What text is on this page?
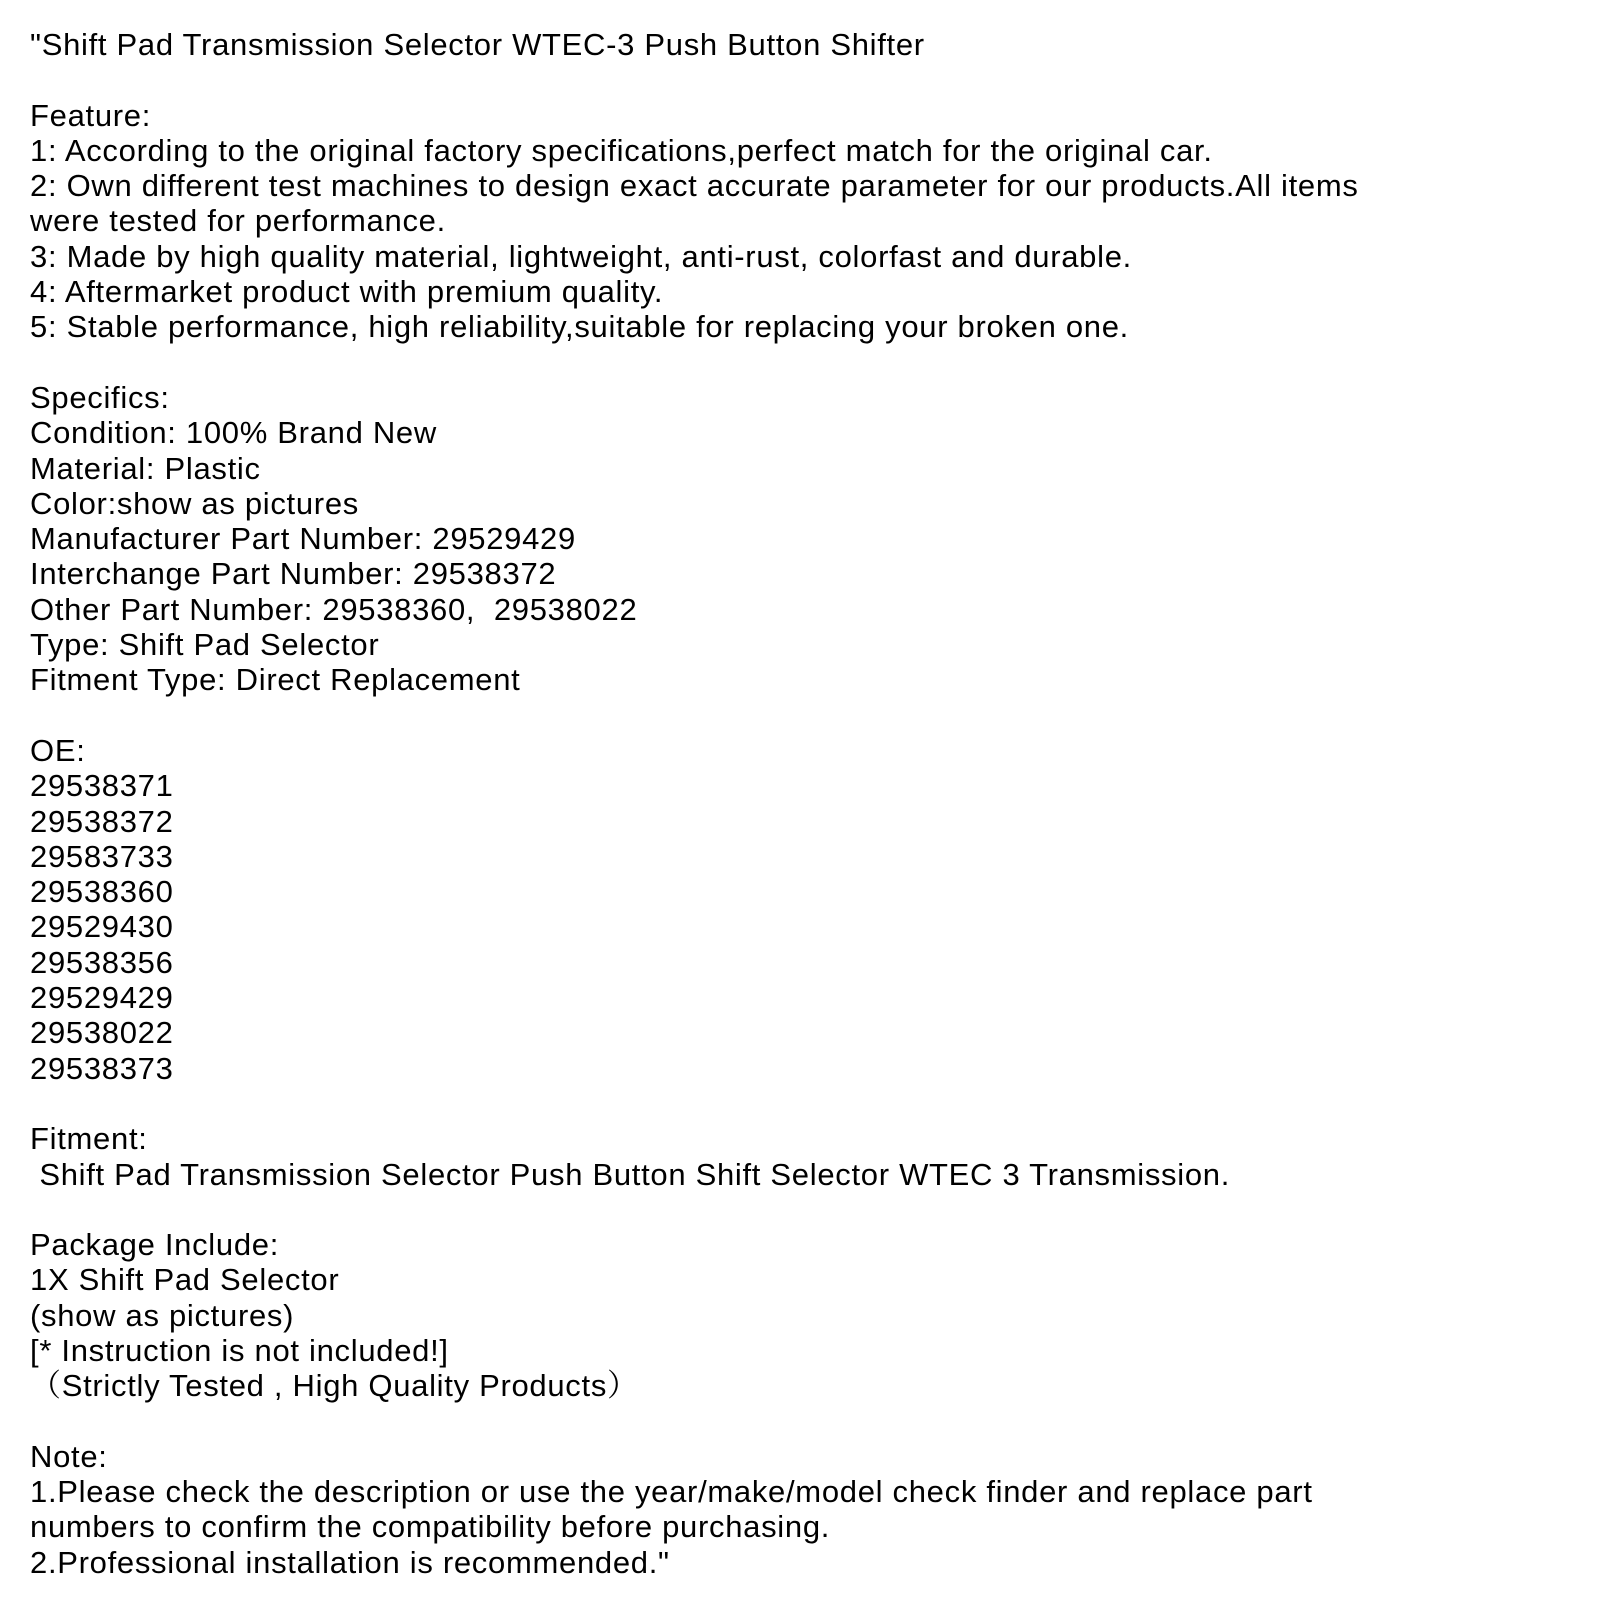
"Shift Pad Transmission Selector WTEC-3 Push Button Shifter
Feature:
1: According to the original factory specifications,perfect match for the original car.
2: Own different test machines to design exact accurate parameter for our products.All items
were tested for performance.
3: Made by high quality material, lightweight, anti-rust, colorfast and durable.
4: Aftermarket product with premium quality.
5: Stable performance, high reliability,suitable for replacing your broken one.
Specifics:
Condition: 100% Brand New
Material: Plastic
Color:show as pictures
Manufacturer Part Number: 29529429
Interchange Part Number: 29538372
Other Part Number: 29538360,  29538022
Type: Shift Pad Selector
Fitment Type: Direct Replacement
OE:
29538371
29538372
29583733
29538360
29529430
29538356
29529429
29538022
29538373
Fitment:
Shift Pad Transmission Selector Push Button Shift Selector WTEC 3 Transmission.
Package Include:
1X Shift Pad Selector
(show as pictures)
[* Instruction is not included!]
（Strictly Tested , High Quality Products）
Note:
1.Please check the description or use the year/make/model check finder and replace part
numbers to confirm the compatibility before purchasing.
2.Professional installation is recommended."
